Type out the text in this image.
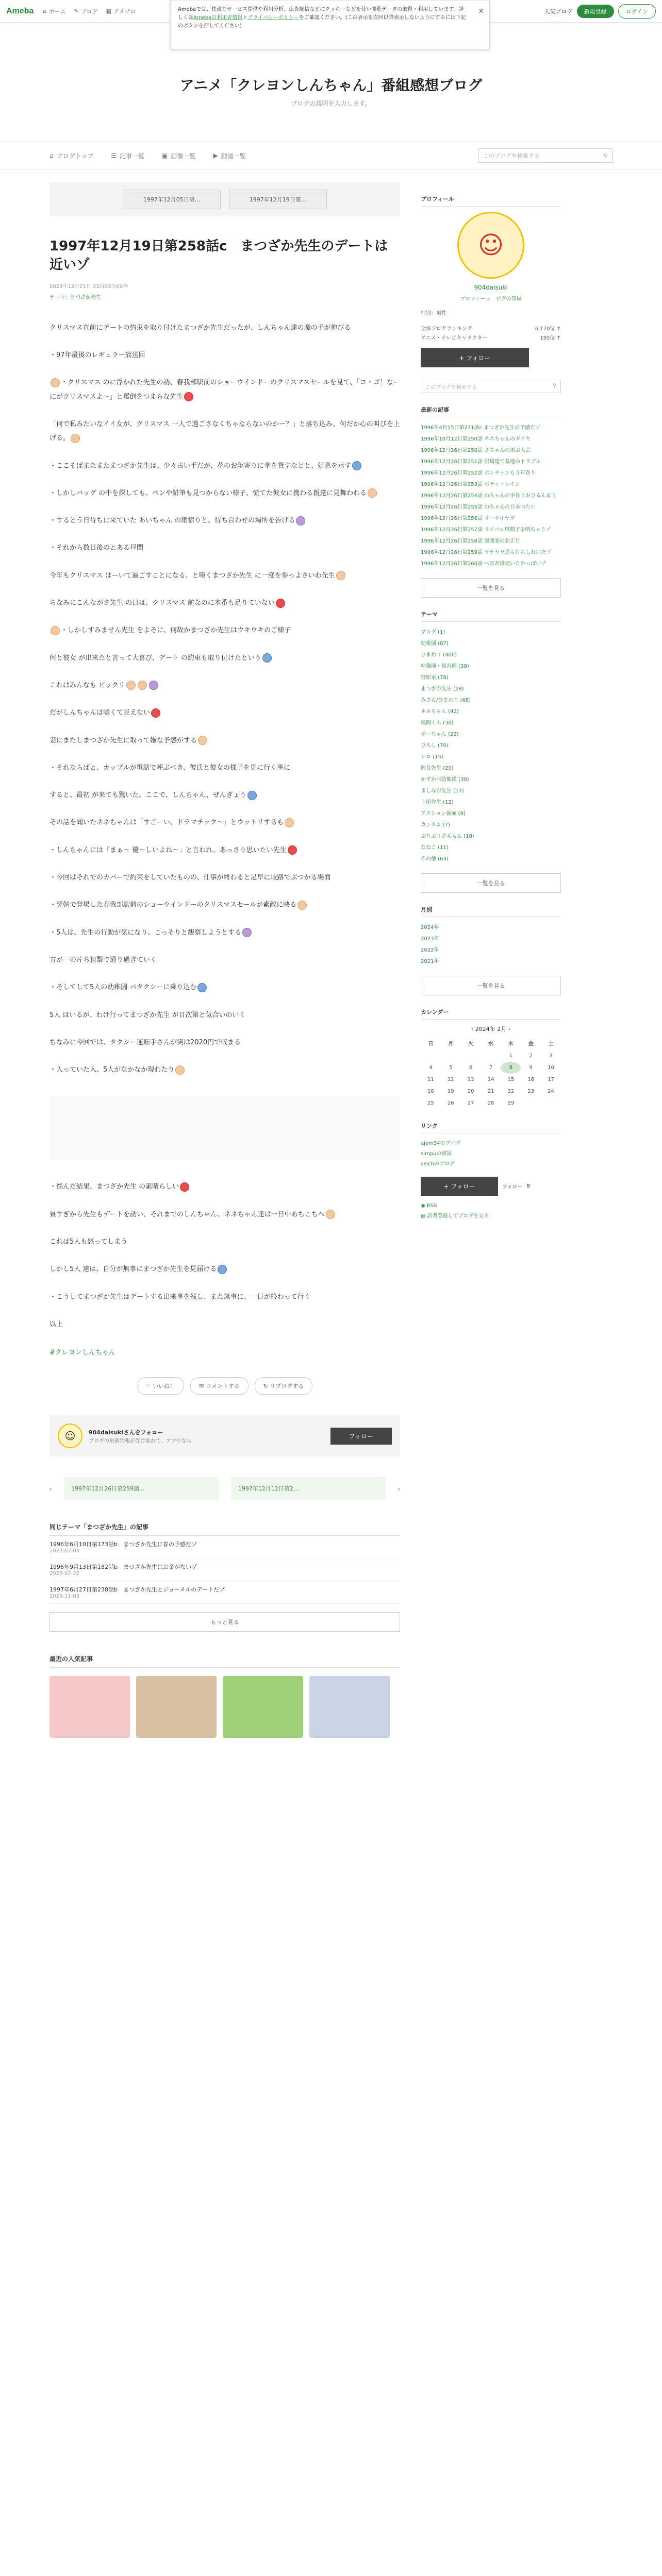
Ameba ⌂ ホーム ✎ ブログ ▦ アメブロ	人気ブログ	新規登録	ログイン
Amebaでは、快適なサービス提供や利用分析、広告配信などにクッキーなどを使い閲覧データの取得・利用しています。詳しくはAmebaの利用者情報とプライバシーポリシーをご確認ください。(この表示を次回以降表示しないようにするには下記のボタンを押してください)
✕
アニメ「クレヨンしんちゃん」番組感想ブログ
ブログの説明を入力します。
⌂ ブログトップ	☰ 記事一覧	▣ 画像一覧	▶ 動画一覧	このブログを検索する	⚲
1997年12月05日第...	1997年12月19日第...
1997年12月19日第258話c　まつざか先生のデートは近いゾ
2023年12月21日 21時03分00秒
テーマ：まつざか先生

クリスマス直前にデートの約束を取り付けたまつざか先生だったが、しんちゃん達の魔の手が伸びる

・97年最後のレギュラー放送回

・クリスマス のに浮かれた先生の誘、春我部駅前のショーウインドーのクリスマスセールを見て、「コ・ゴ！なーにがクリスマスよ〜」と罵倒をつまらな先生

「何で私みたいなイイ女が、クリスマス 一人で過ごさなくちゃならないのかー？」と落ち込み、何だか心の叫びを上げる。

・ここそばまたまたまつざか先生は、少々古い手だが、花のお年寄りに傘を貸すなどと、好意を示す

・しかしバッグ の中を探しても、ペンや鉛筆も見つからない様子、慌てた彼女に携わる親達に見舞われる

・するとう日待ちに来ていた あいちゃん の雨宿りと、待ち合わせの場所を告げる

・それから数日後のとある昼間

今年もクリスマス はーいて過ごすことになる、と嘆くまつざか先生 に一度を参っよさいわ先生

ちなみにこんながさ先生 の日は、クリスマス 前なのに本番も足りていない

・しかしすみません先生 をよそに、何故かまつざか先生はウキウキのご様子

何と彼女 が出来たと言って大喜び、デート の約束も取り付けたという

これはみんなも ビックリ

だがしんちゃんは嘘くて見えない

妻にまたしまつざか先生に取って嫌な予感がする

・それならばと、カップルが電話で呼ぶべき、彼氏と彼女の様子を見に行く事に

すると、最初 が来ても驚いた。ここで、しんちゃん、ぜんぎょう

その話を聞いたネネちゃんは「すごーい、ドラマチック〜」とウットリするも

・しんちゃんには「まぁ〜 優〜しいよね〜」と言われ、あっさり思いたい先生

・今回はそれでのカバーで約束をしていたものの、仕事が終わると足早に岐路でぶつかる場面

・翌朝で登場した春我部駅前のショーウインドーのクリスマスセールが素敵に映る

・5人は、先生の行動が気になり、こっそりと観察しようとする

方が一の片ち狙撃で通り過ぎていく

・そしてして5人の幼稚園 パタクシーに乗り込む

5人 はいるが、わけ行ってまつざか先生 が目次第と気合いのいく

ちなみに今回では、タクシー運転手さんが実は2020円で収まる

・入っていた入、5人がなかなか現れたり

・悩んだ結果、まつざか先生 の素晴らしい

昼すぎから先生もデートを誘い、それまでのしんちゃん、ネネちゃん達は一日中あちこちへ

これは5人も怒ってしまう

しかし5人 達は、自分が無事にまつざか先生を見届ける

・こうしてまつざか先生はデートする出来事を残し、また無事に、一日が終わって行く

以上

#クレヨンしんちゃん
♡ いいね！	✉ コメントする	↻ リブログする
☺	904daisukiさんをフォロー
ブログの更新情報が受け取れて、アプリなら
フォロー
‹	1997年12月26日第259話...	1997年12月12日第2...	›
同じテーマ「まつざか先生」の記事
1996年6月10日第173話b　まつざか先生に春の予感だゾ
2023-07-04
1996年9月13日第182話b　まつざか先生はお金がないゾ
2023-07-22
1997年6月27日第238話b　まつざか先生とジョーメルのデートだゾ
2023-11-03
もっと見る
最近の人気記事
プロフィール
☺
904daisuki
プロフィール　ピグの部屋
性別：男性
全体ブログランキング	6,170位 ↑
アニメ・テレビキャラクター	195位 ↑
+ フォロー
このブログを検索する	⚲
最新の記事
1996年4月15日第271話c まつざか先生の予感だゾ
1996年10月12日第250話 ネネちゃんのダイヤ
1996年12月26日第250話 さちゃんの弟ぶ大会
1996年12月26日第251話 岩崎建て基地のトラブル
1996年12月26日第252話 ポンチャンもう年寄り
1996年12月26日第253話 ポチャ・レイン
1996年12月26日第254話 ねちゃんの手作りおひるんまり
1996年12月26日第255話 ねちゃんの日本つたい
1996年12月26日第256話 オーライヤダ
1996年12月26日第257話 ライバル風間子を明ちゃうゾ
1996年12月26日第258話 風間家のお正月
1996年12月26日第259話 ラテララ道もけんしれいだゾ
1996年12月26日第260話 へびが掛切いたかっぱいゾ
一覧を見る
テーマ
ブログ (1)
幼稚園 (87)
ひまわり (400)
幼稚園・保育園 (38)
野原家 (78)
まつざか先生 (28)
みさえ/ひまわり (68)
ネネちゃん (42)
風間くん (30)
ボーちゃん (22)
ひろし (70)
シロ (15)
園長先生 (20)
かすかべ防衛隊 (38)
よしなが先生 (17)
上尾先生 (12)
アクション仮面 (9)
カンタム (7)
ぶりぶりざえもん (10)
ななこ (11)
その他 (64)
一覧を見る
月別
2024年
2023年
2022年
2021年
一覧を見る
カレンダー
‹ 2024年 2月 ›
日	月	火	水	木	金	土
				1	2	3
4	5	6	7	8	9	10
11	12	13	14	15	16	17
18	19	20	21	22	23	24
25	26	27	28	29		
リンク
ajom34のブログ
simpuの部屋
seichのブログ
+ フォロー	フォロー 8
◉ RSS
▤ 読者登録してブログを見る
